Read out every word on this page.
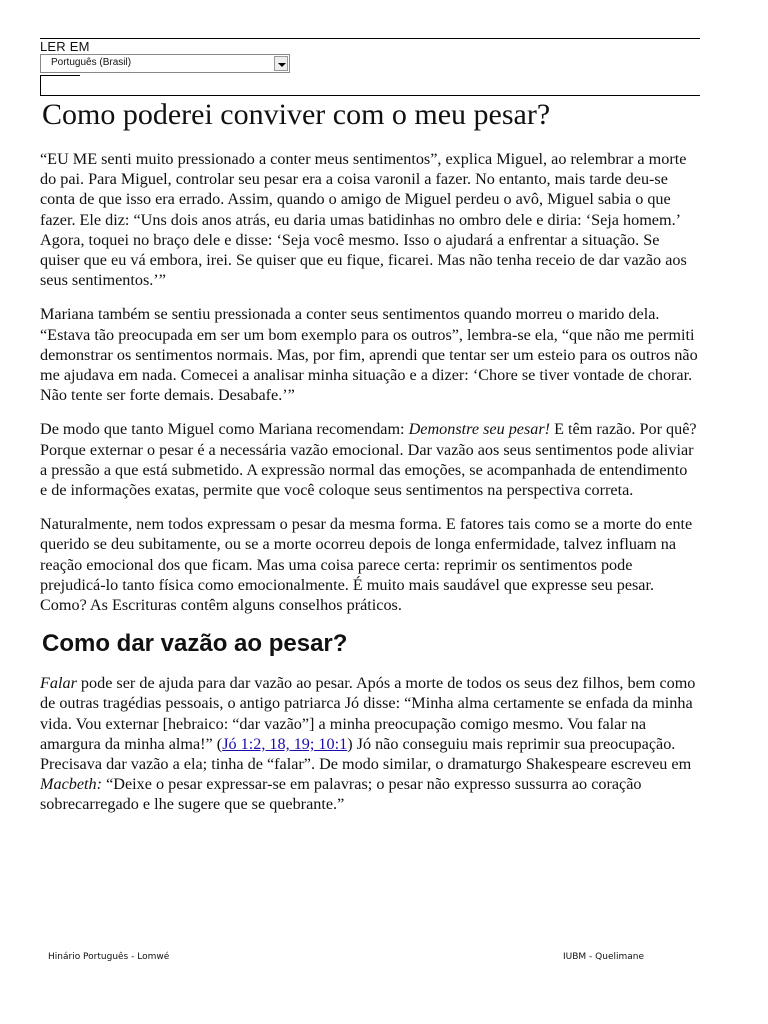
LER EM
Português (Brasil)
Como poderei conviver com o meu pesar?

“EU ME senti muito pressionado a conter meus sentimentos”, explica Miguel, ao relembrar a morte do pai. Para Miguel, controlar seu pesar era a coisa varonil a fazer. No entanto, mais tarde deu-se conta de que isso era errado. Assim, quando o amigo de Miguel perdeu o avô, Miguel sabia o que fazer. Ele diz: “Uns dois anos atrás, eu daria umas batidinhas no ombro dele e diria: ‘Seja homem.’ Agora, toquei no braço dele e disse: ‘Seja você mesmo. Isso o ajudará a enfrentar a situação. Se quiser que eu vá embora, irei. Se quiser que eu fique, ficarei. Mas não tenha receio de dar vazão aos seus sentimentos.’”

Mariana também se sentiu pressionada a conter seus sentimentos quando morreu o marido dela. “Estava tão preocupada em ser um bom exemplo para os outros”, lembra-se ela, “que não me permiti demonstrar os sentimentos normais. Mas, por fim, aprendi que tentar ser um esteio para os outros não me ajudava em nada. Comecei a analisar minha situação e a dizer: ‘Chore se tiver vontade de chorar. Não tente ser forte demais. Desabafe.’”

De modo que tanto Miguel como Mariana recomendam: Demonstre seu pesar! E têm razão. Por quê? Porque externar o pesar é a necessária vazão emocional. Dar vazão aos seus sentimentos pode aliviar a pressão a que está submetido. A expressão normal das emoções, se acompanhada de entendimento e de informações exatas, permite que você coloque seus sentimentos na perspectiva correta.

Naturalmente, nem todos expressam o pesar da mesma forma. E fatores tais como se a morte do ente querido se deu subitamente, ou se a morte ocorreu depois de longa enfermidade, talvez influam na reação emocional dos que ficam. Mas uma coisa parece certa: reprimir os sentimentos pode prejudicá-lo tanto física como emocionalmente. É muito mais saudável que expresse seu pesar. Como? As Escrituras contêm alguns conselhos práticos.

Como dar vazão ao pesar?

Falar pode ser de ajuda para dar vazão ao pesar. Após a morte de todos os seus dez filhos, bem como de outras tragédias pessoais, o antigo patriarca Jó disse: “Minha alma certamente se enfada da minha vida. Vou externar [hebraico: “dar vazão”] a minha preocupação comigo mesmo. Vou falar na amargura da minha alma!” (Jó 1:2, 18, 19; 10:1) Jó não conseguiu mais reprimir sua preocupação. Precisava dar vazão a ela; tinha de “falar”. De modo similar, o dramaturgo Shakespeare escreveu em Macbeth: “Deixe o pesar expressar-se em palavras; o pesar não expresso sussurra ao coração sobrecarregado e lhe sugere que se quebrante.”

Hinário Português - Lomwé	IUBM - Quelimane
